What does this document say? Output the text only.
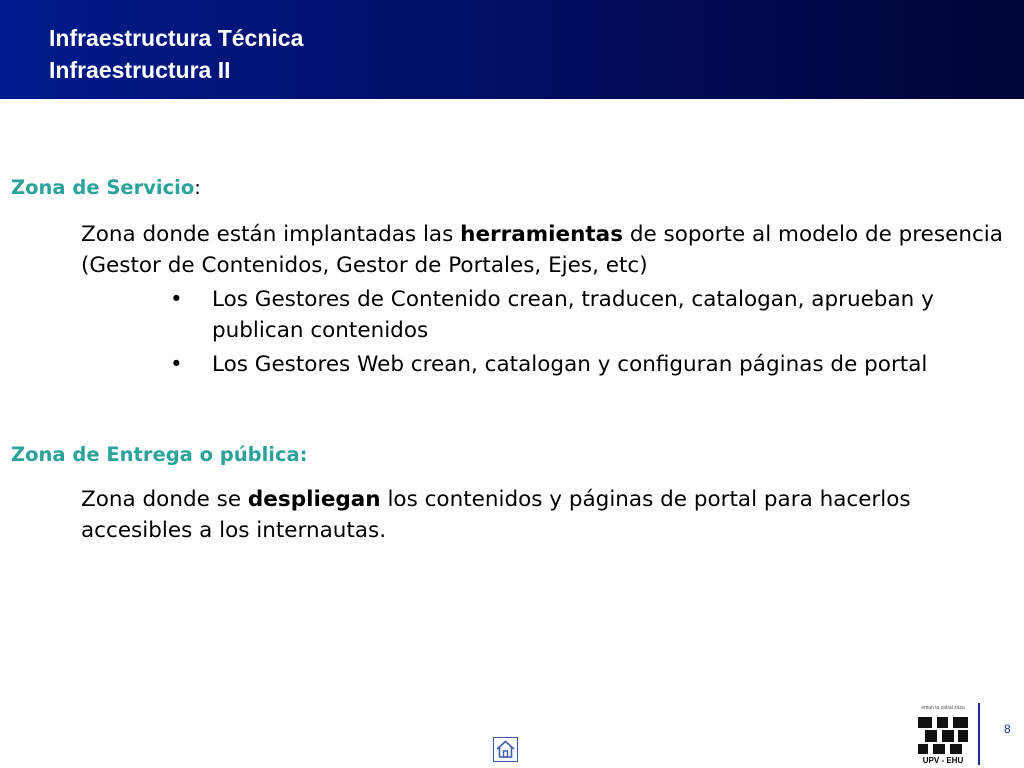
Infraestructura Técnica
Infraestructura II
Zona de Servicio:

Zona donde están implantadas las herramientas de soporte al modelo de presencia (Gestor de Contenidos, Gestor de Portales, Ejes, etc)

• Los Gestores de Contenido crean, traducen, catalogan, aprueban y publican contenidos
• Los Gestores Web crean, catalogan y configuran páginas de portal
Zona de Entrega o pública:

Zona donde se despliegan los contenidos y páginas de portal para hacerlos accesibles a los internautas.

eman ta zabal zazu
UPV - EHU
8
